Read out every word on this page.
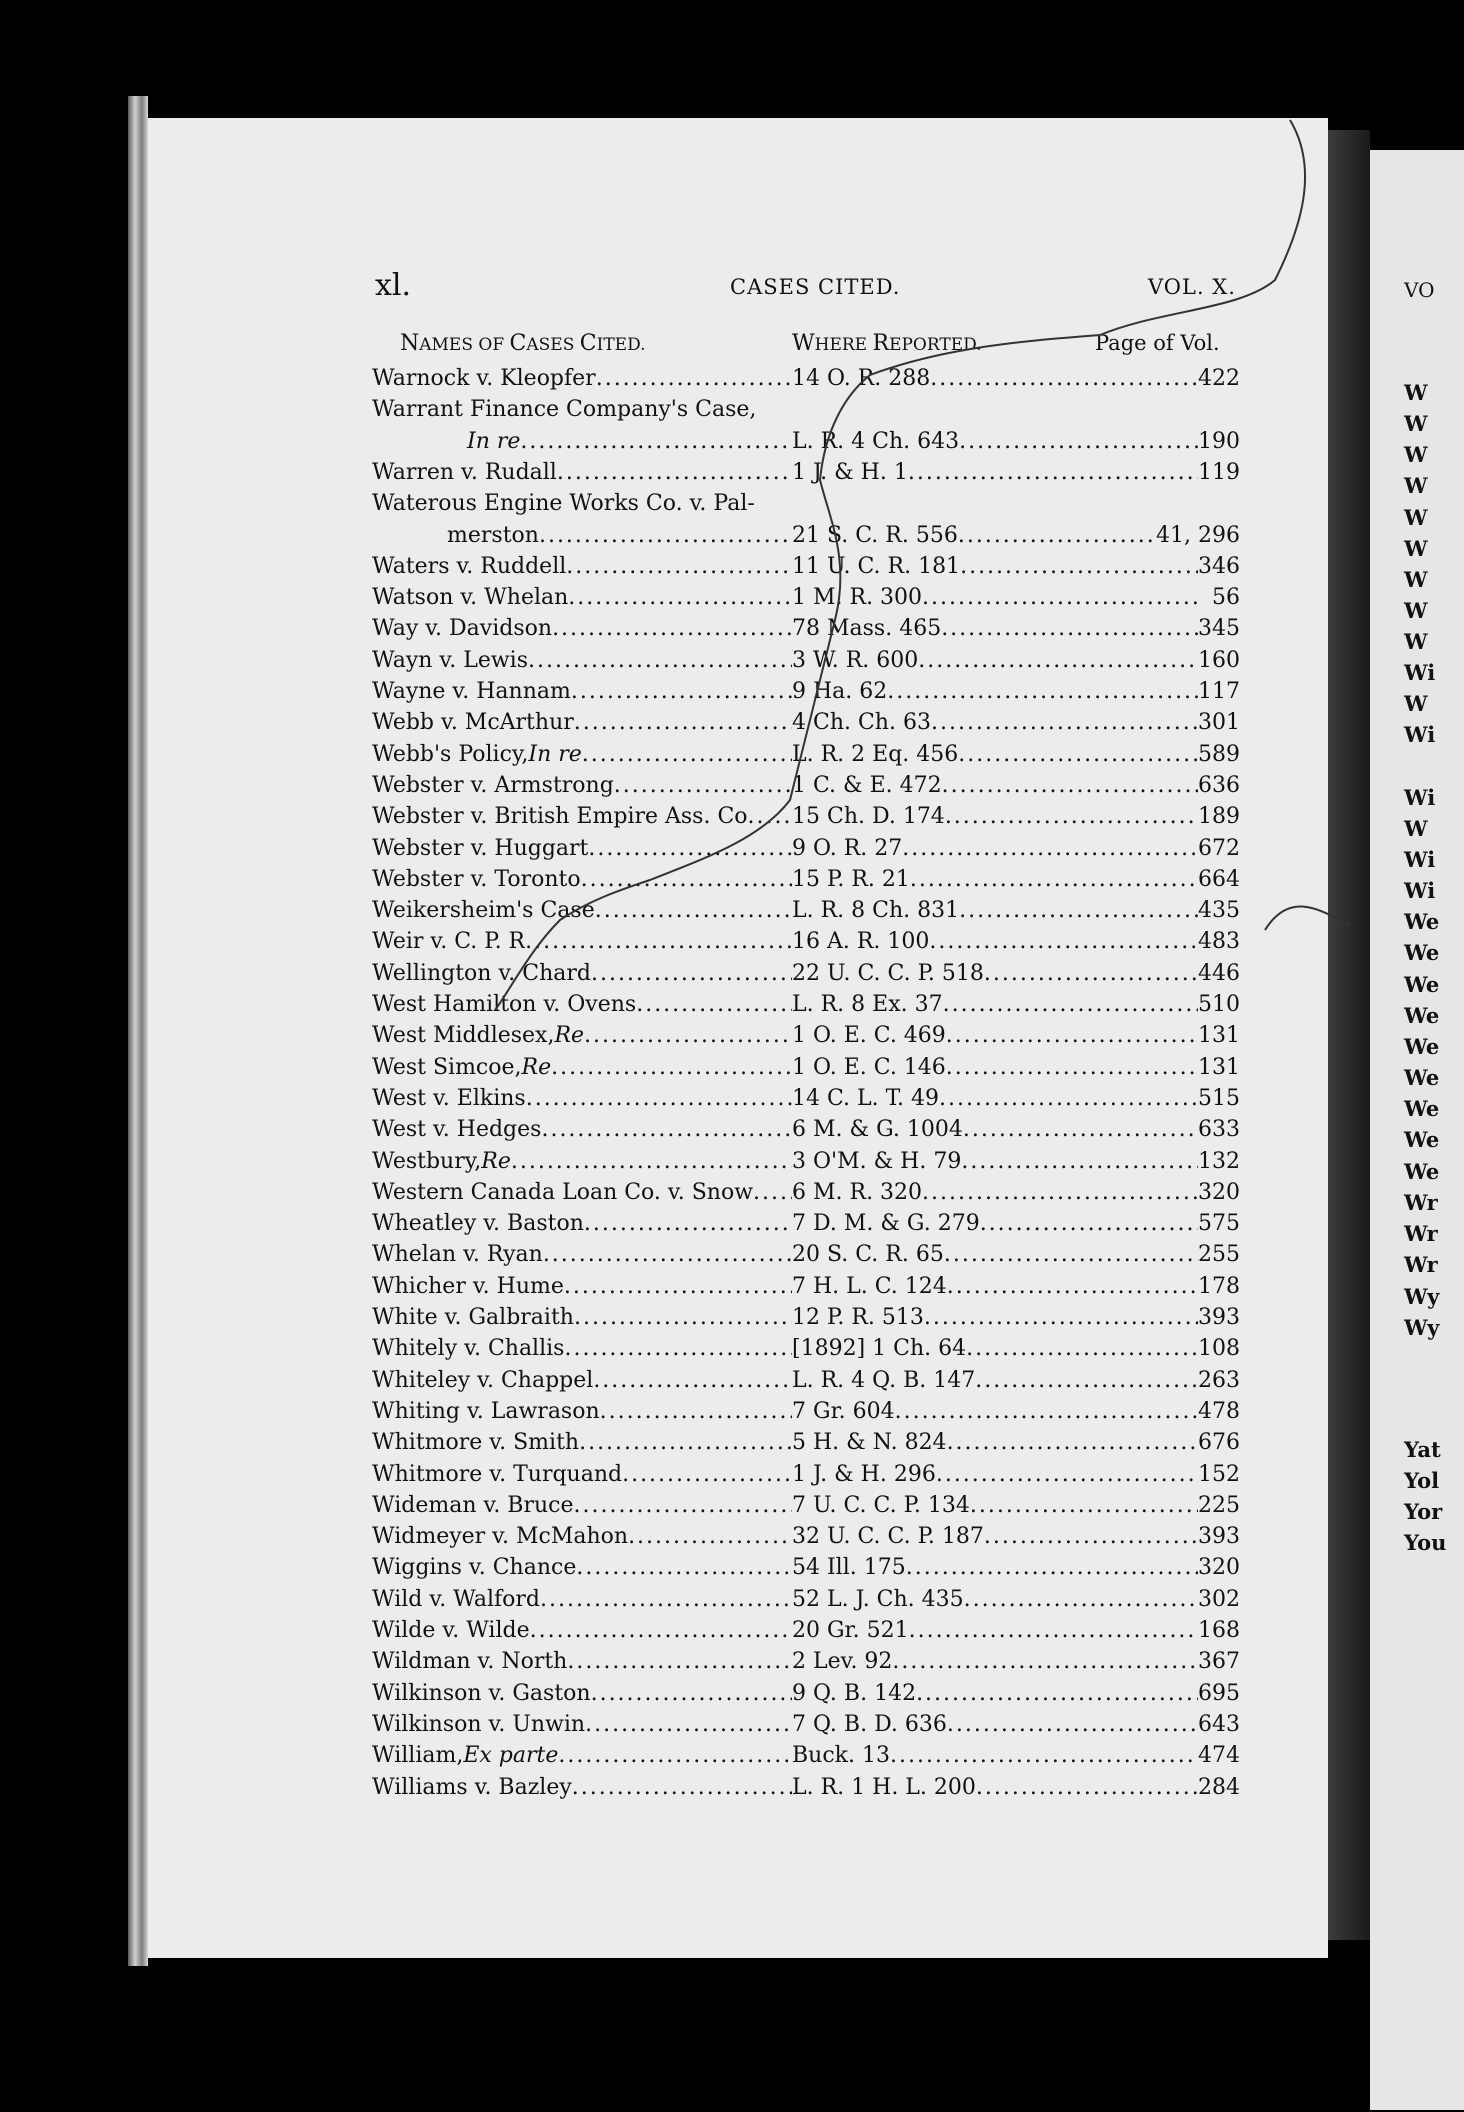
xl.	CASES CITED.	VOL. X.
NAMES OF CASES CITED.	WHERE REPORTED.	Page of Vol.
Warnock v. Kleopfer .....	14 O. R. 288 .....	422
Warrant Finance Company's Case,
In re .....	L. R. 4 Ch. 643 .....	190
Warren v. Rudall .....	1 J. & H. 1 .....	119
Waterous Engine Works Co. v. Pal-
merston .....	21 S. C. R. 556 .....	41, 296
Waters v. Ruddell .....	11 U. C. R. 181 .....	346
Watson v. Whelan .....	1 M. R. 300 .....	56
Way v. Davidson .....	78 Mass. 465 .....	345
Wayn v. Lewis .....	3 W. R. 600 .....	160
Wayne v. Hannam .....	9 Ha. 62 .....	117
Webb v. McArthur .....	4 Ch. Ch. 63 .....	301
Webb's Policy, In re .....	L. R. 2 Eq. 456 .....	589
Webster v. Armstrong .....	1 C. & E. 472 .....	636
Webster v. British Empire Ass. Co ..... 15 Ch. D. 174 .....	189
Webster v. Huggart .....	9 O. R. 27 .....	672
Webster v. Toronto .....	15 P. R. 21 .....	664
Weikersheim's Case .....	L. R. 8 Ch. 831 .....	435
Weir v. C. P. R .....	16 A. R. 100 .....	483
Wellington v. Chard .....	22 U. C. C. P. 518 .....	446
West Hamilton v. Ovens .....	L. R. 8 Ex. 37 .....	510
West Middlesex, Re .....	1 O. E. C. 469 .....	131
West Simcoe, Re .....	1 O. E. C. 146 .....	131
West v. Elkins .....	14 C. L. T. 49 .....	515
West v. Hedges .....	6 M. & G. 1004 .....	633
Westbury, Re .....	3 O'M. & H. 79 .....	132
Western Canada Loan Co. v. Snow ..... 6 M. R. 320 .....	320
Wheatley v. Baston .....	7 D. M. & G. 279 .....	575
Whelan v. Ryan .....	20 S. C. R. 65 .....	255
Whicher v. Hume .....	7 H. L. C. 124 .....	178
White v. Galbraith .....	12 P. R. 513 .....	393
Whitely v. Challis .....	[1892] 1 Ch. 64 .....	108
Whiteley v. Chappel .....	L. R. 4 Q. B. 147 .....	263
Whiting v. Lawrason .....	7 Gr. 604 .....	478
Whitmore v. Smith .....	5 H. & N. 824 .....	676
Whitmore v. Turquand .....	1 J. & H. 296 .....	152
Wideman v. Bruce .....	7 U. C. C. P. 134 .....	225
Widmeyer v. McMahon .....	32 U. C. C. P. 187 .....	393
Wiggins v. Chance .....	54 Ill. 175 .....	320
Wild v. Walford .....	52 L. J. Ch. 435 .....	302
Wilde v. Wilde .....	20 Gr. 521 .....	168
Wildman v. North .....	2 Lev. 92 .....	367
Wilkinson v. Gaston .....	9 Q. B. 142 .....	695
Wilkinson v. Unwin .....	7 Q. B. D. 636 .....	643
William, Ex parte .....	Buck. 13 .....	474
Williams v. Bazley .....	L. R. 1 H. L. 200 .....	284
VO
W
W
W
W
W
W
W
W
W
Wi
W
Wi
Wi
W
Wi
Wi
We
We
We
We
We
We
We
We
We
Wr
Wr
Wr
Wy
Wy
Yat
Yol
Yor
You
